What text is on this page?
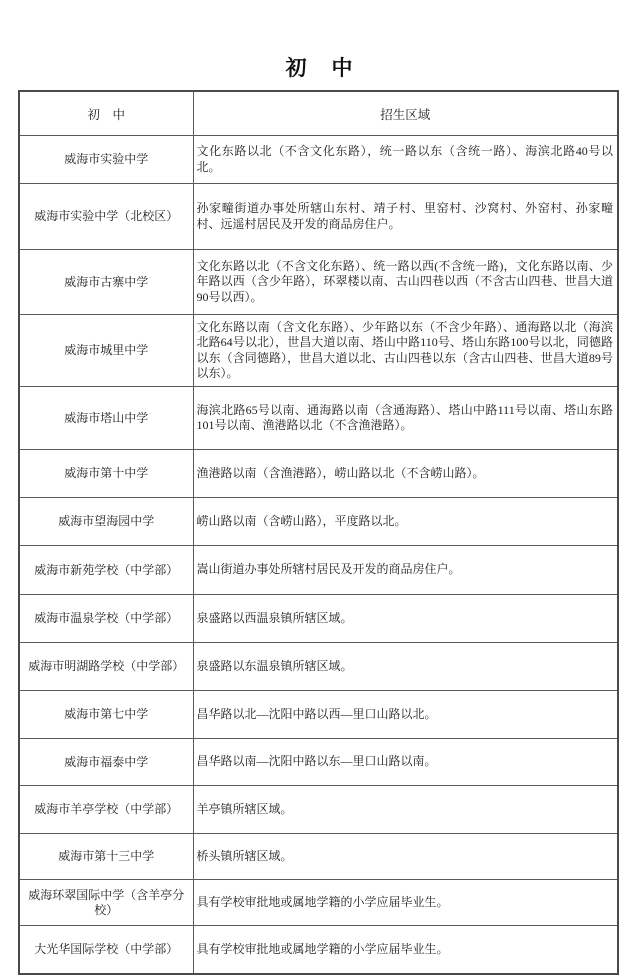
初　中
初　中	招生区域
威海市实验中学	文化东路以北（不含文化东路），统一路以东（含统一路）、海滨北路40号以北。
威海市实验中学（北校区）	孙家疃街道办事处所辖山东村、靖子村、里窑村、沙窝村、外窑村、孙家疃村、远遥村居民及开发的商品房住户。
威海市古寨中学	文化东路以北（不含文化东路）、统一路以西(不含统一路)，文化东路以南、少年路以西（含少年路），环翠楼以南、古山四巷以西（不含古山四巷、世昌大道90号以西）。
威海市城里中学	文化东路以南（含文化东路）、少年路以东（不含少年路）、通海路以北（海滨北路64号以北），世昌大道以南、塔山中路110号、塔山东路100号以北，同德路以东（含同德路），世昌大道以北、古山四巷以东（含古山四巷、世昌大道89号以东）。
威海市塔山中学	海滨北路65号以南、通海路以南（含通海路）、塔山中路111号以南、塔山东路101号以南、渔港路以北（不含渔港路）。
威海市第十中学	渔港路以南（含渔港路），崂山路以北（不含崂山路）。
威海市望海园中学	崂山路以南（含崂山路），平度路以北。
威海市新苑学校（中学部）	嵩山街道办事处所辖村居民及开发的商品房住户。
威海市温泉学校（中学部）	泉盛路以西温泉镇所辖区域。
威海市明湖路学校（中学部）	泉盛路以东温泉镇所辖区域。
威海市第七中学	昌华路以北—沈阳中路以西—里口山路以北。
威海市福泰中学	昌华路以南—沈阳中路以东—里口山路以南。
威海市羊亭学校（中学部）	羊亭镇所辖区域。
威海市第十三中学	桥头镇所辖区域。
威海环翠国际中学（含羊亭分校）	具有学校审批地或属地学籍的小学应届毕业生。
大光华国际学校（中学部）	具有学校审批地或属地学籍的小学应届毕业生。
